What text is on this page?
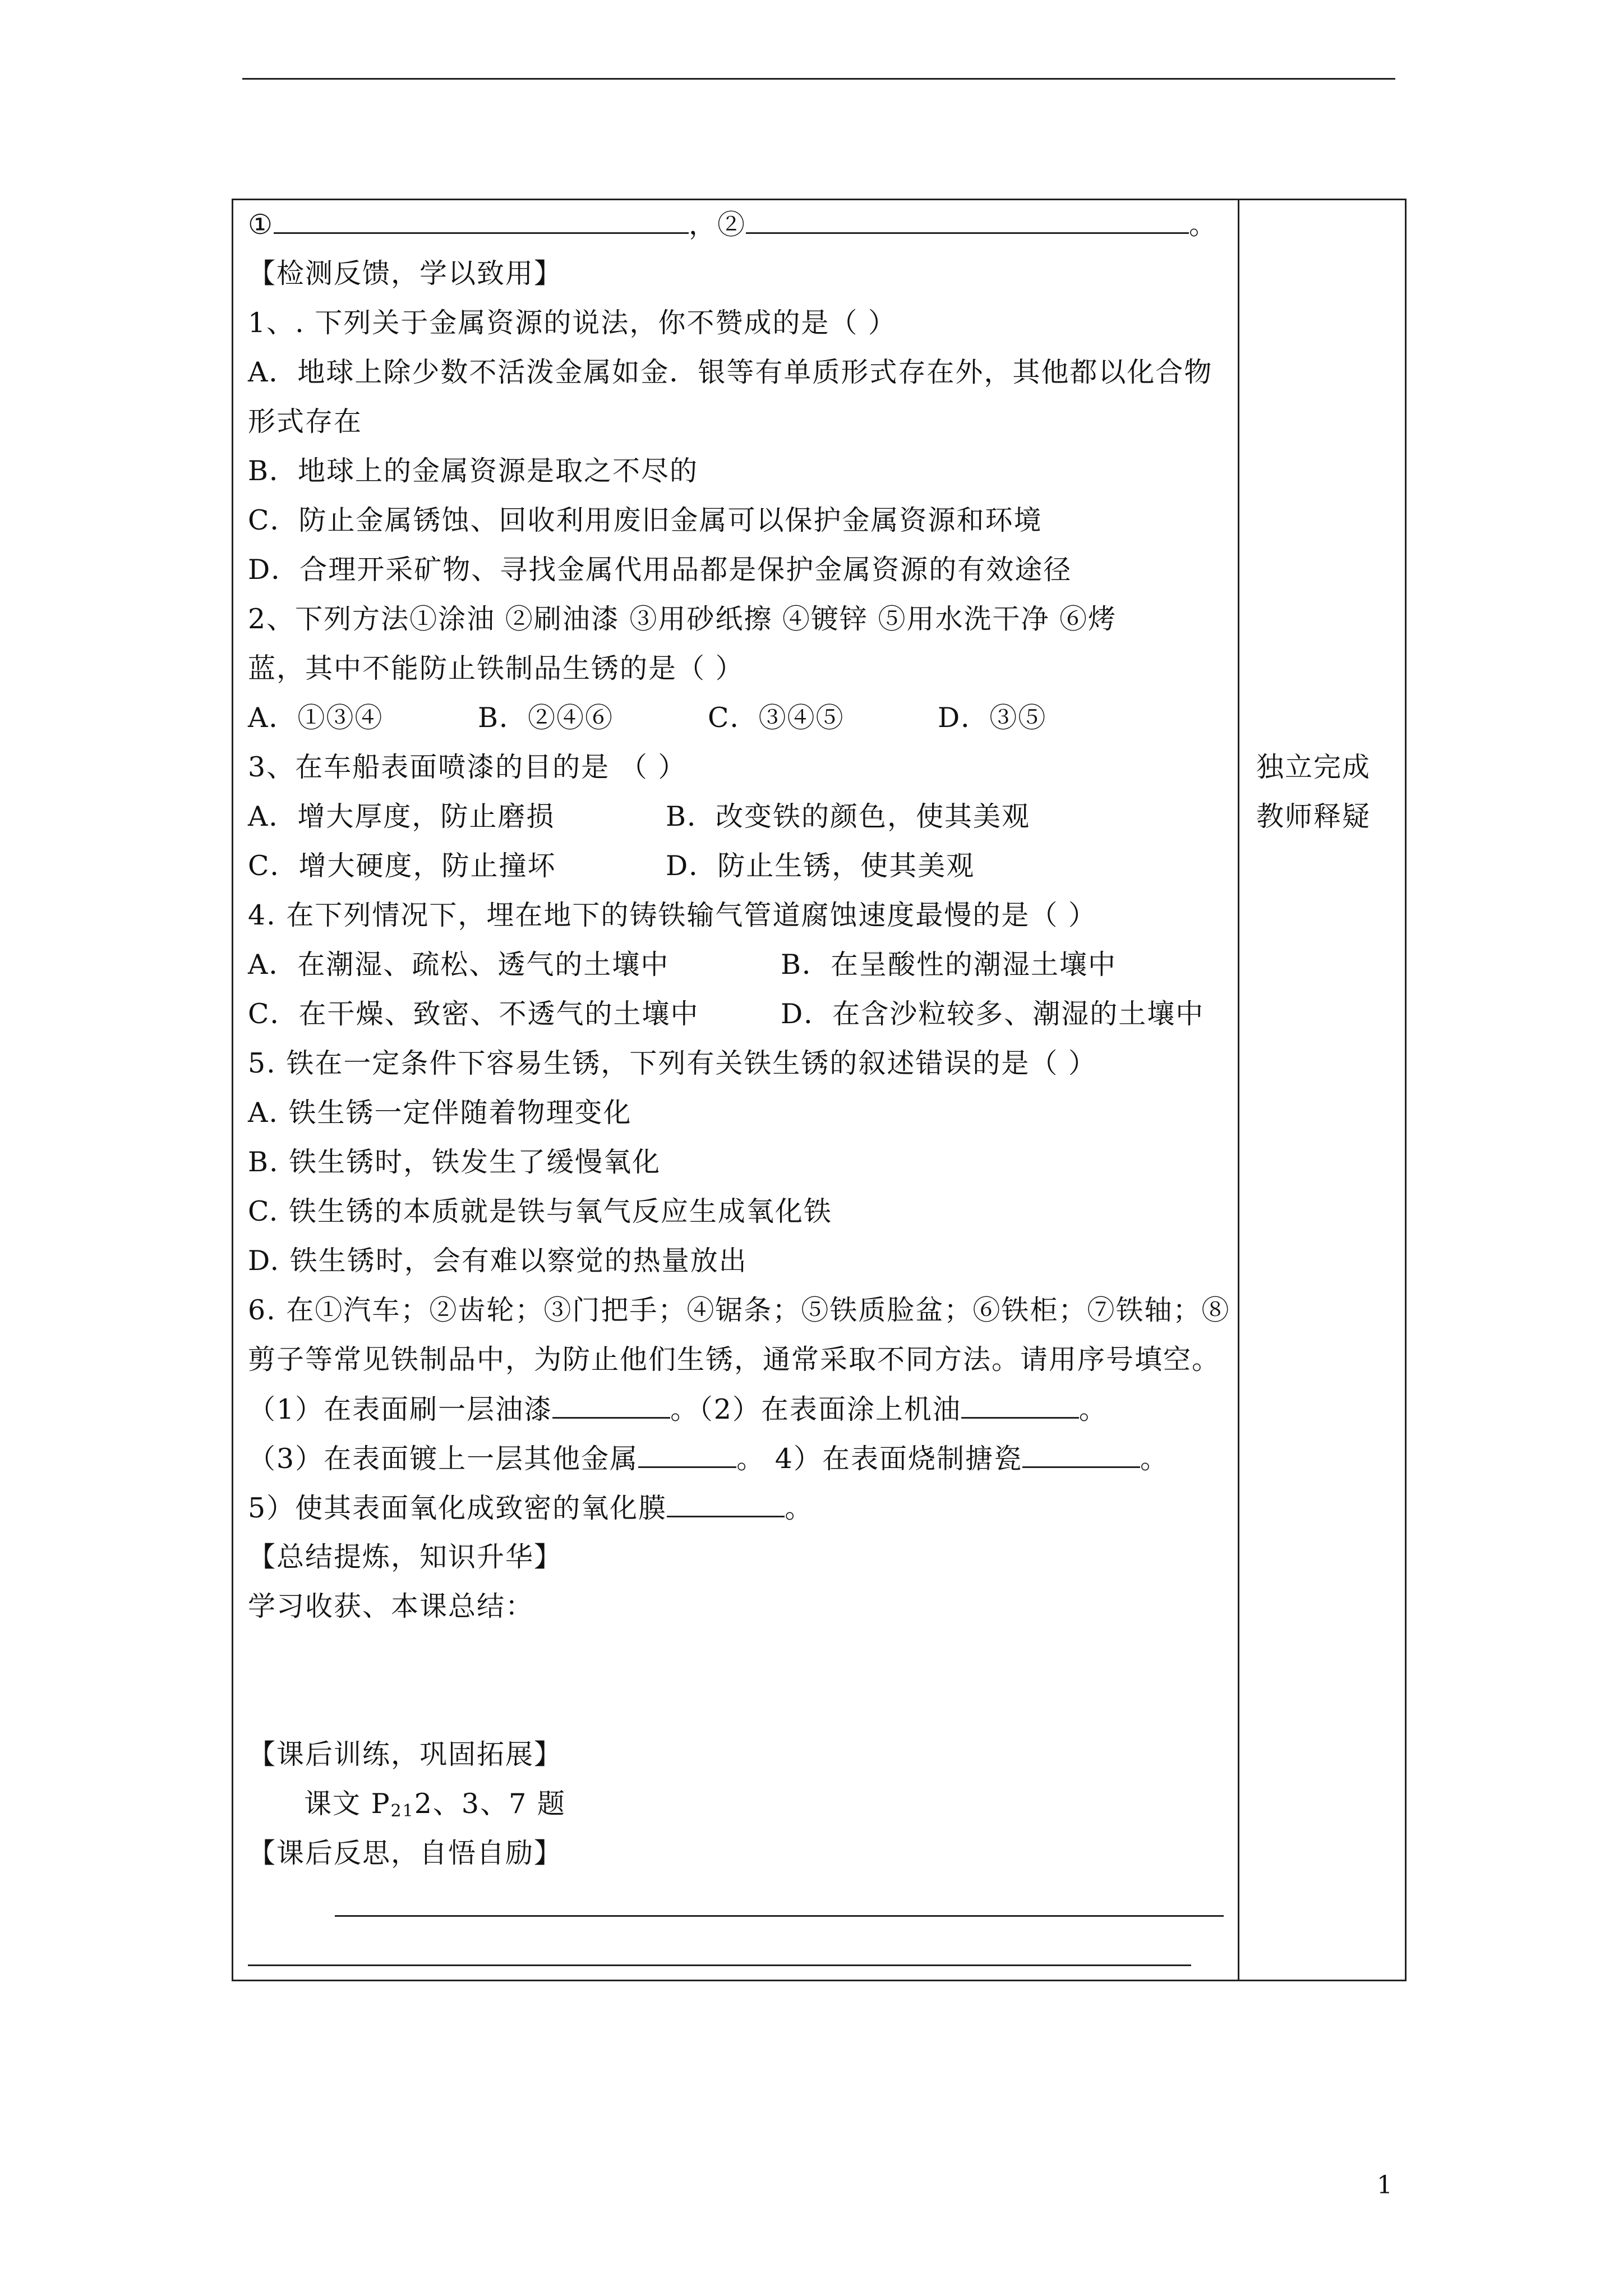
①	，②	。
【检测反馈，学以致用】
1、. 下列关于金属资源的说法，你不赞成的是（ ）
A．地球上除少数不活泼金属如金．银等有单质形式存在外，其他都以化合物
形式存在
B．地球上的金属资源是取之不尽的
C．防止金属锈蚀、回收利用废旧金属可以保护金属资源和环境
D．合理开采矿物、寻找金属代用品都是保护金属资源的有效途径
2、下列方法①涂油 ②刷油漆 ③用砂纸擦 ④镀锌 ⑤用水洗干净 ⑥烤
蓝，其中不能防止铁制品生锈的是（ ）
A．①③④	B．②④⑥	C．③④⑤	D．③⑤
3、在车船表面喷漆的目的是 （ ）
A．增大厚度，防止磨损	B．改变铁的颜色，使其美观
C．增大硬度，防止撞坏	D．防止生锈，使其美观
4. 在下列情况下，埋在地下的铸铁输气管道腐蚀速度最慢的是（ ）
A．在潮湿、疏松、透气的土壤中	B．在呈酸性的潮湿土壤中
C．在干燥、致密、不透气的土壤中	D．在含沙粒较多、潮湿的土壤中
5. 铁在一定条件下容易生锈，下列有关铁生锈的叙述错误的是（ ）
A. 铁生锈一定伴随着物理变化
B. 铁生锈时，铁发生了缓慢氧化
C. 铁生锈的本质就是铁与氧气反应生成氧化铁
D. 铁生锈时，会有难以察觉的热量放出
6. 在①汽车；②齿轮；③门把手；④锯条；⑤铁质脸盆；⑥铁柜；⑦铁轴；⑧
剪子等常见铁制品中，为防止他们生锈，通常采取不同方法。请用序号填空。
（1）在表面刷一层油漆	。（2）在表面涂上机油	。
（3）在表面镀上一层其他金属	。 4）在表面烧制搪瓷	。
5）使其表面氧化成致密的氧化膜	。
【总结提炼，知识升华】
学习收获、本课总结：
【课后训练，巩固拓展】
课文 $P_{21}2$、3、7 题
【课后反思，自悟自励】
独立完成
教师释疑
1
